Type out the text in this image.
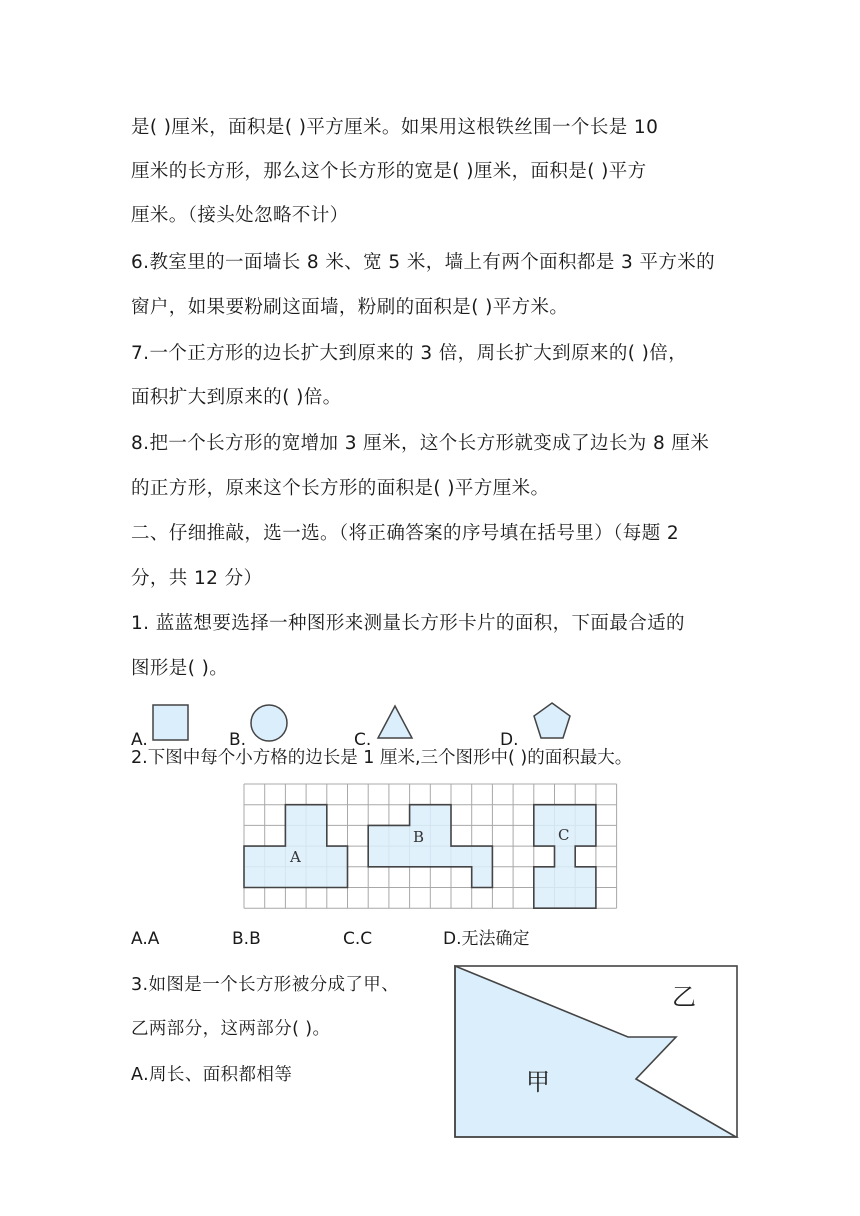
是( )厘米，面积是( )平方厘米。如果用这根铁丝围一个长是 10
厘米的长方形，那么这个长方形的宽是( )厘米，面积是( )平方
厘米。（接头处忽略不计）
6.教室里的一面墙长 8 米、宽 5 米，墙上有两个面积都是 3 平方米的
窗户，如果要粉刷这面墙，粉刷的面积是( )平方米。
7.一个正方形的边长扩大到原来的 3 倍，周长扩大到原来的( )倍，
面积扩大到原来的( )倍。
8.把一个长方形的宽增加 3 厘米，这个长方形就变成了边长为 8 厘米
的正方形，原来这个长方形的面积是( )平方厘米。
二、仔细推敲，选一选。（将正确答案的序号填在括号里）（每题 2
分，共 12 分）
1. 蓝蓝想要选择一种图形来测量长方形卡片的面积，下面最合适的
图形是( )。
A.	B.	C.	D.
2.下图中每个小方格的边长是 1 厘米,三个图形中( )的面积最大。
A
B	C
A.A	B.B	C.C	D.无法确定
3.如图是一个长方形被分成了甲、
乙两部分，这两部分( )。
A.周长、面积都相等	甲
乙
